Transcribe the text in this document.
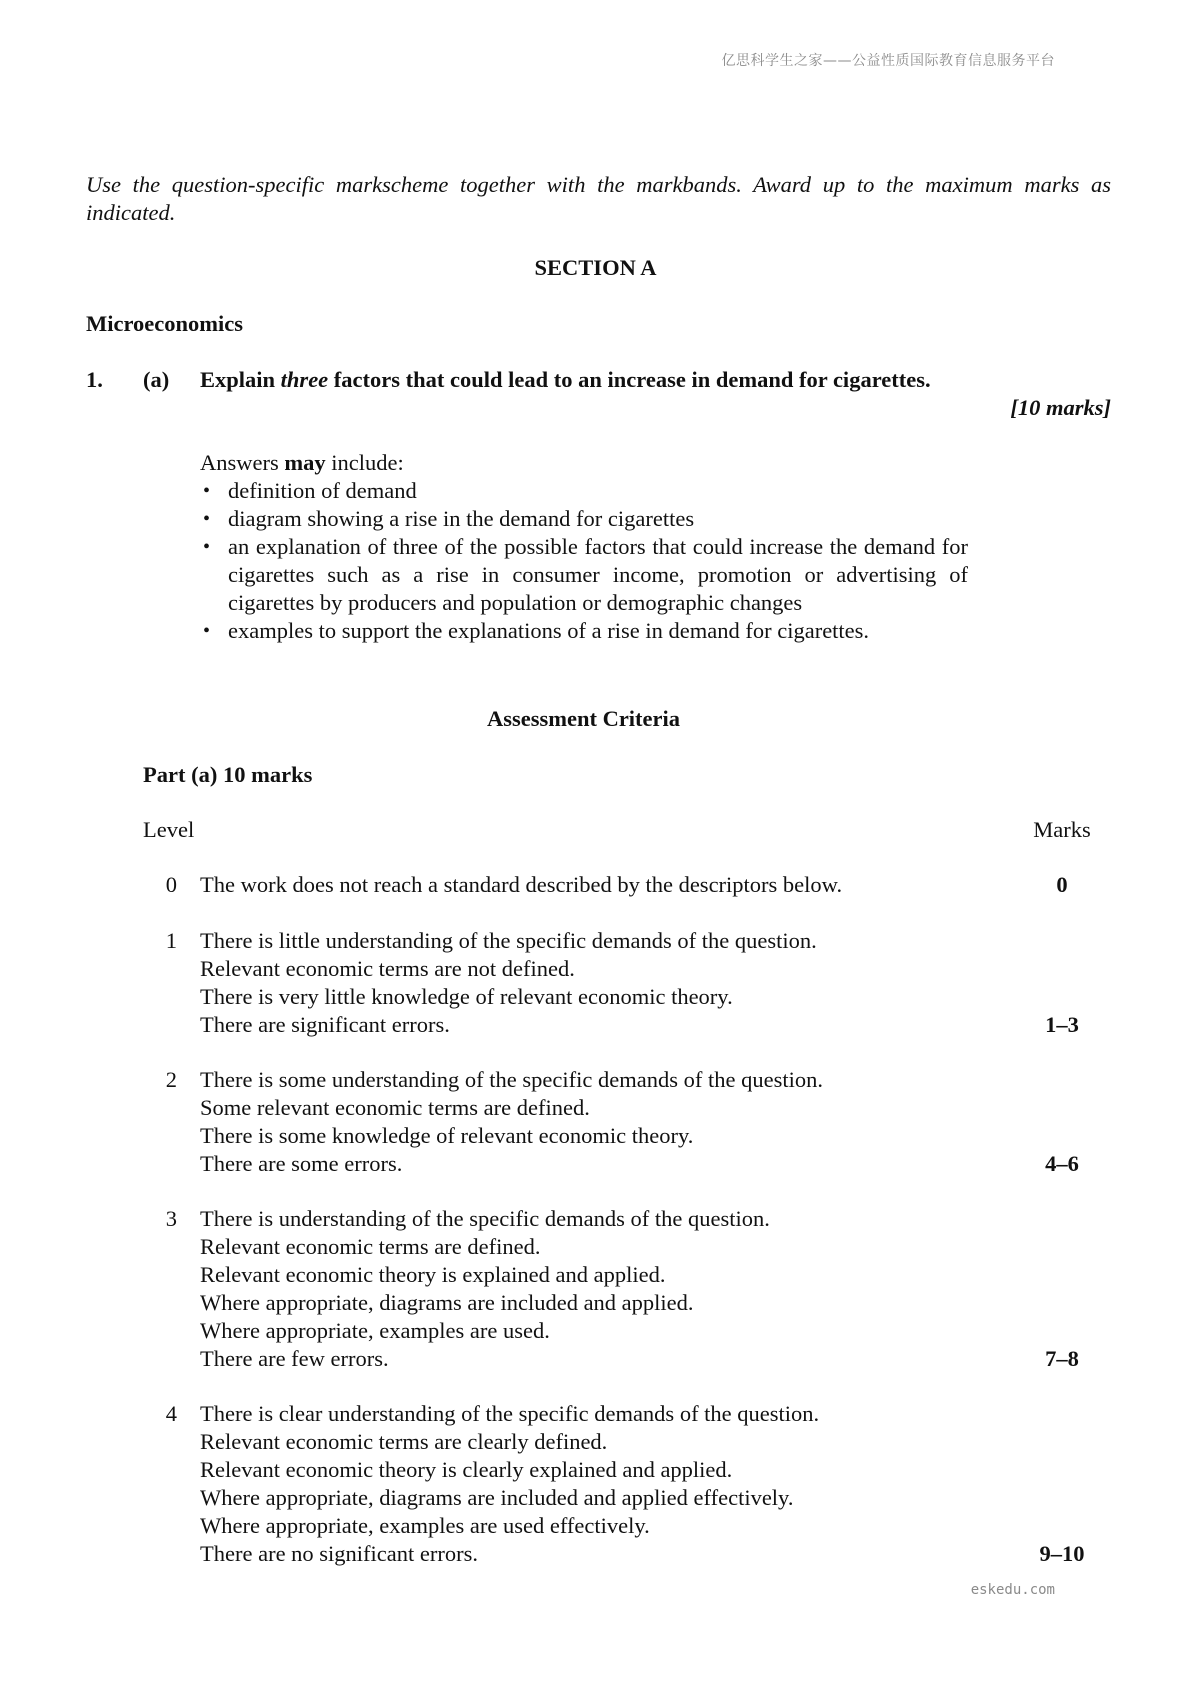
亿思科学生之家——公益性质国际教育信息服务平台
Use the question-specific markscheme together with the markbands. Award up to the maximum marks as indicated.
SECTION A
Microeconomics
1. (a) Explain three factors that could lead to an increase in demand for cigarettes.
[10 marks]
Answers may include:
• definition of demand
• diagram showing a rise in the demand for cigarettes
• an explanation of three of the possible factors that could increase the demand for cigarettes such as a rise in consumer income, promotion or advertising of cigarettes by producers and population or demographic changes
• examples to support the explanations of a rise in demand for cigarettes.
Assessment Criteria
Part (a) 10 marks
Level	Marks
0 The work does not reach a standard described by the descriptors below.	0
1 There is little understanding of the specific demands of the question.
Relevant economic terms are not defined.
There is very little knowledge of relevant economic theory.
There are significant errors.	1–3
2 There is some understanding of the specific demands of the question.
Some relevant economic terms are defined.
There is some knowledge of relevant economic theory.
There are some errors.	4–6
3 There is understanding of the specific demands of the question.
Relevant economic terms are defined.
Relevant economic theory is explained and applied.
Where appropriate, diagrams are included and applied.
Where appropriate, examples are used.
There are few errors.	7–8
4 There is clear understanding of the specific demands of the question.
Relevant economic terms are clearly defined.
Relevant economic theory is clearly explained and applied.
Where appropriate, diagrams are included and applied effectively.
Where appropriate, examples are used effectively.
There are no significant errors.	9–10
eskedu.com
